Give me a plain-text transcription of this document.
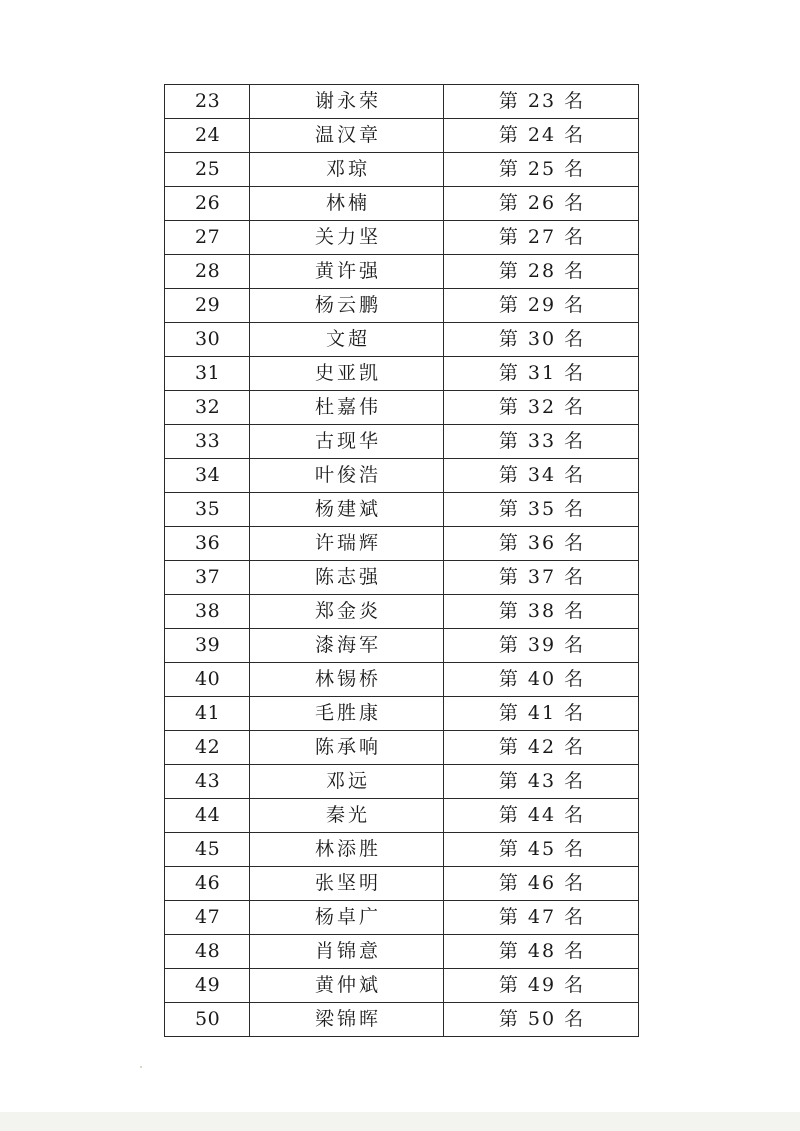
23	谢永荣	第 23 名
24	温汉章	第 24 名
25	邓琼	第 25 名
26	林楠	第 26 名
27	关力坚	第 27 名
28	黄许强	第 28 名
29	杨云鹏	第 29 名
30	文超	第 30 名
31	史亚凯	第 31 名
32	杜嘉伟	第 32 名
33	古现华	第 33 名
34	叶俊浩	第 34 名
35	杨建斌	第 35 名
36	许瑞辉	第 36 名
37	陈志强	第 37 名
38	郑金炎	第 38 名
39	漆海军	第 39 名
40	林锡桥	第 40 名
41	毛胜康	第 41 名
42	陈承响	第 42 名
43	邓远	第 43 名
44	秦光	第 44 名
45	林添胜	第 45 名
46	张坚明	第 46 名
47	杨卓广	第 47 名
48	肖锦意	第 48 名
49	黄仲斌	第 49 名
50	梁锦晖	第 50 名
